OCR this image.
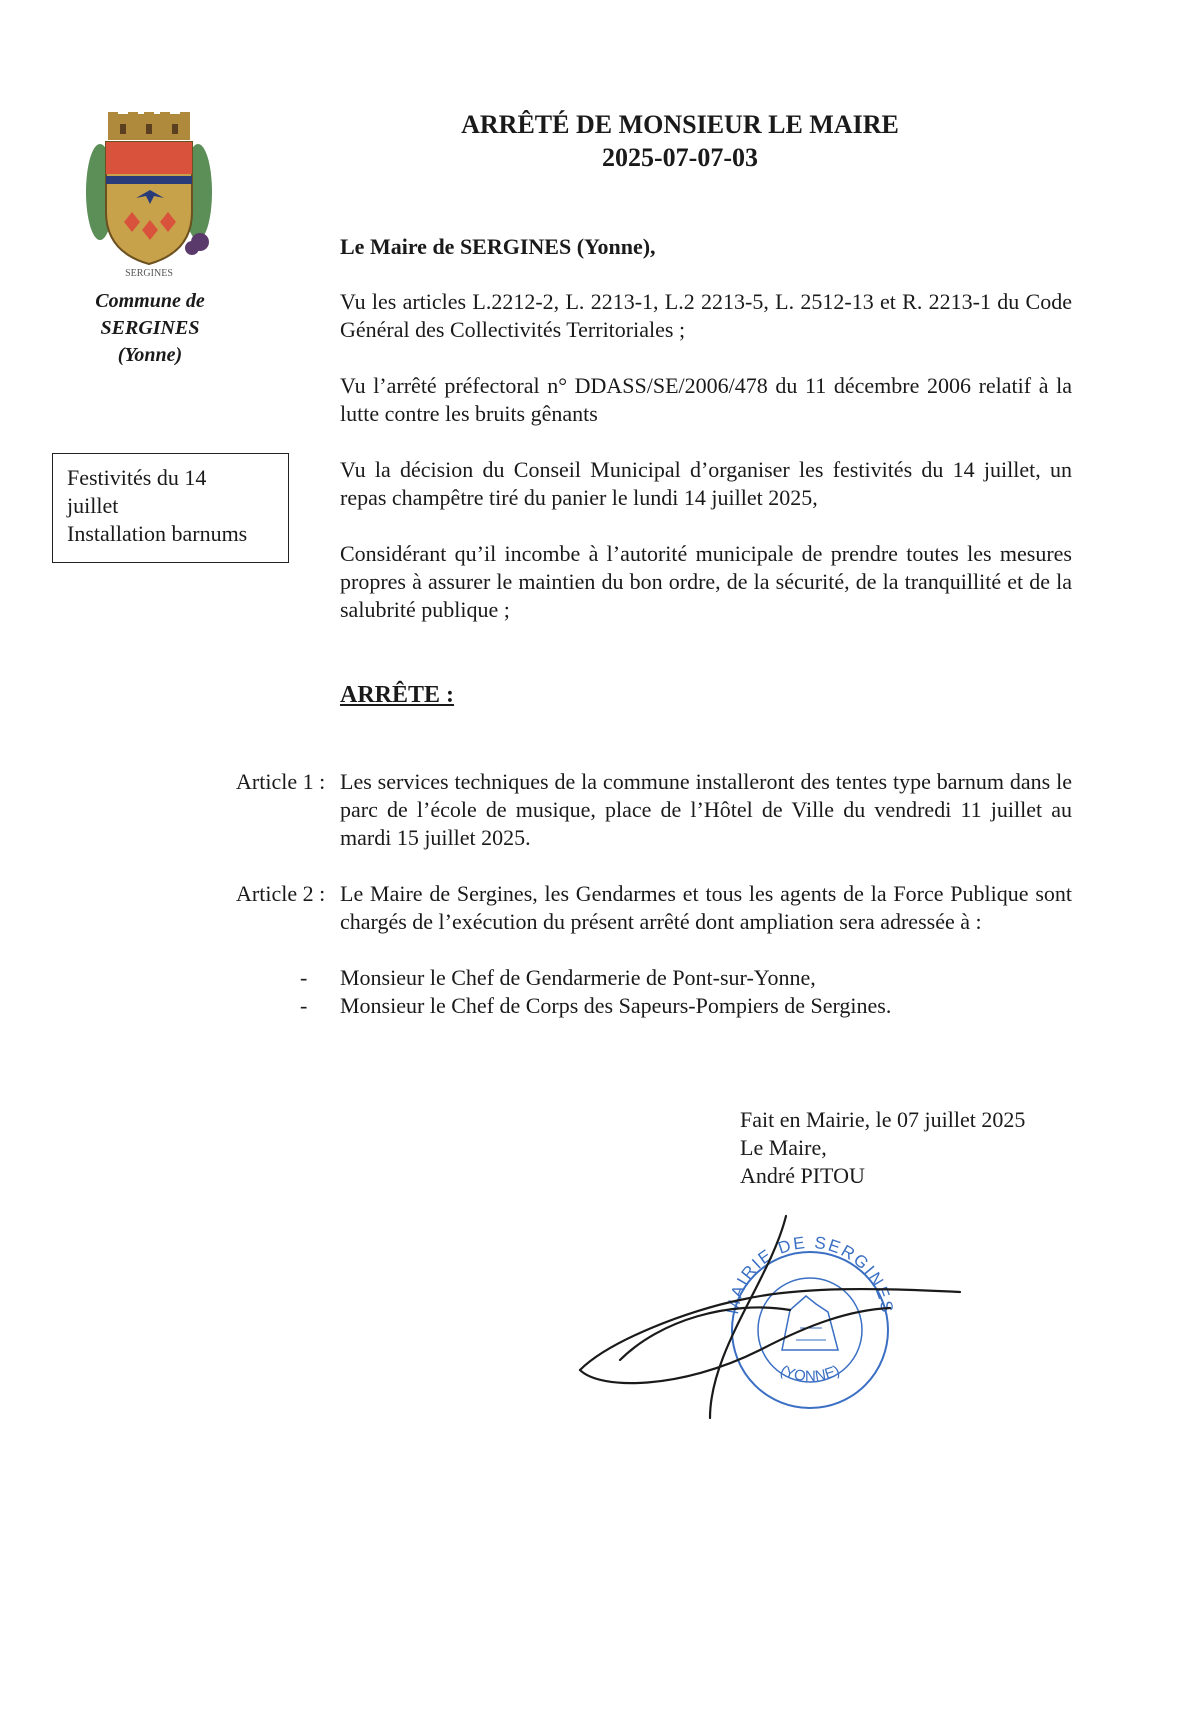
SERGINES
Commune de
SERGINES
(Yonne)
Festivités du 14
juillet
Installation barnums
ARRÊTÉ DE MONSIEUR LE MAIRE
2025-07-07-03
Le Maire de SERGINES (Yonne),
Vu les articles L.2212-2, L. 2213-1, L.2 2213-5, L. 2512-13 et R. 2213-1 du Code Général des Collectivités Territoriales ;
Vu l’arrêté préfectoral n° DDASS/SE/2006/478 du 11 décembre 2006 relatif à la lutte contre les bruits gênants
Vu la décision du Conseil Municipal d’organiser les festivités du 14 juillet, un repas champêtre tiré du panier le lundi 14 juillet 2025,
Considérant qu’il incombe à l’autorité municipale de prendre toutes les mesures propres à assurer le maintien du bon ordre, de la sécurité, de la tranquillité et de la salubrité publique ;
ARRÊTE :
Article 1 : Les services techniques de la commune installeront des tentes type barnum dans le parc de l’école de musique, place de l’Hôtel de Ville du vendredi 11 juillet au mardi 15 juillet 2025.
Article 2 : Le Maire de Sergines, les Gendarmes et tous les agents de la Force Publique sont chargés de l’exécution du présent arrêté dont ampliation sera adressée à :
- Monsieur le Chef de Gendarmerie de Pont-sur-Yonne,
- Monsieur le Chef de Corps des Sapeurs-Pompiers de Sergines.
Fait en Mairie, le 07 juillet 2025
Le Maire,
André PITOU
MAIRIE DE SERGINES
(YONNE)
